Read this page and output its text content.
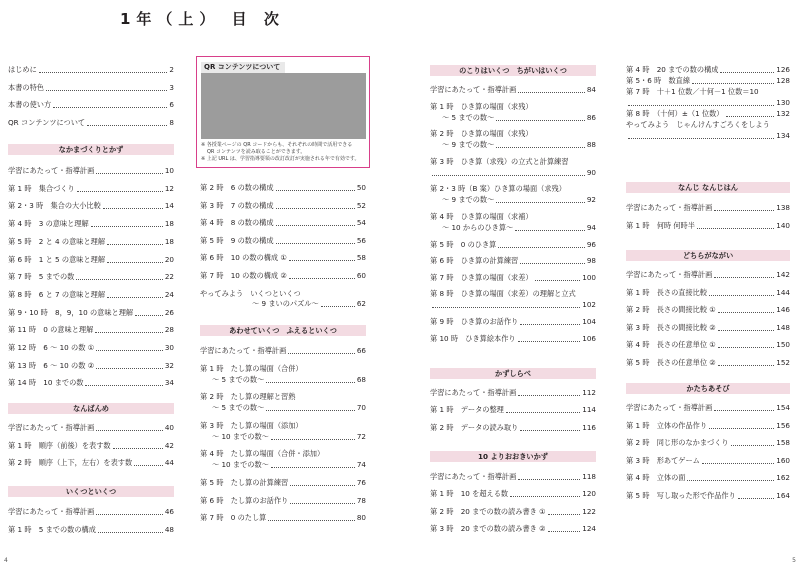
1年（上） 目 次
はじめに	2
本書の特色	3
本書の使い方	6
QR コンテンツについて	8
なかまづくりとかず
学習にあたって・指導計画	10
第 1 時　集合づくり	12
第 2・3 時　集合の大小比較	14
第 4 時　3 の意味と理解	18
第 5 時　2 と 4 の意味と理解	18
第 6 時　1 と 5 の意味と理解	20
第 7 時　5 までの数	22
第 8 時　6 と 7 の意味と理解	24
第 9・10 時　8，9，10 の意味と理解	26
第 11 時　0 の意味と理解	28
第 12 時　6 ～ 10 の数 ①	30
第 13 時　6 ～ 10 の数 ②	32
第 14 時　10 までの数	34
なんばんめ
学習にあたって・指導計画	40
第 1 時　順序（前後）を表す数	42
第 2 時　順序（上下，左右）を表す数	44
いくつといくつ
学習にあたって・指導計画	46
第 1 時　5 までの数の構成	48
第 2 時　6 の数の構成	50
第 3 時　7 の数の構成	52
第 4 時　8 の数の構成	54
第 5 時　9 の数の構成	56
第 6 時　10 の数の構成 ①	58
第 7 時　10 の数の構成 ②	60
やってみよう　いくつといくつ
～ 9 まいのパズル～	62
あわせていくつ　ふえるといくつ
学習にあたって・指導計画	66
第 1 時　たし算の場面（合併）
～ 5 までの数～	68
第 2 時　たし算の理解と習熟
～ 5 までの数～	70
第 3 時　たし算の場面（添加）
～ 10 までの数～	72
第 4 時　たし算の場面（合併・添加）
～ 10 までの数～	74
第 5 時　たし算の計算練習	76
第 6 時　たし算のお話作り	78
第 7 時　0 のたし算	80
のこりはいくつ　ちがいはいくつ
学習にあたって・指導計画	84
第 1 時　ひき算の場面（求残）
～ 5 までの数～	86
第 2 時　ひき算の場面（求残）
～ 9 までの数～	88
第 3 時　ひき算（求残）の立式と計算練習
90
第 2・3 時（B 案）ひき算の場面（求残）
～ 9 までの数～	92
第 4 時　ひき算の場面（求補）
～ 10 からのひき算～	94
第 5 時　0 のひき算	96
第 6 時　ひき算の計算練習	98
第 7 時　ひき算の場面（求差）	100
第 8 時　ひき算の場面（求差）の理解と立式
102
第 9 時　ひき算のお話作り	104
第 10 時　ひき算絵本作り	106
かずしらべ
学習にあたって・指導計画	112
第 1 時　データの整理	114
第 2 時　データの読み取り	116
10 よりおおきいかず
学習にあたって・指導計画	118
第 1 時　10 を超える数	120
第 2 時　20 までの数の読み書き ①	122
第 3 時　20 までの数の読み書き ②	124
第 4 時　20 までの数の構成	126
第 5・6 時　数直線	128
第 7 時　十＋1 位数／十何－1 位数＝10
130
第 8 時　（十何）±（1 位数）	132
やってみよう　じゃんけんすごろくをしよう
134
なんじ なんじはん
学習にあたって・指導計画	138
第 1 時　何時 何時半	140
どちらがながい
学習にあたって・指導計画	142
第 1 時　長さの直接比較	144
第 2 時　長さの間接比較 ①	146
第 3 時　長さの間接比較 ②	148
第 4 時　長さの任意単位 ①	150
第 5 時　長さの任意単位 ②	152
かたちあそび
学習にあたって・指導計画	154
第 1 時　立体の作品作り	156
第 2 時　同じ形のなかまづくり	158
第 3 時　形あてゲーム	160
第 4 時　立体の面	162
第 5 時　写し取った形で作品作り	164
QR コンテンツについて
※ 各授業ページの QR コードからも、それぞれの時間で活用できる
QR コンテンツを読み取ることができます。
※ 上記 URL は、学習指導要領の改訂改訂が実施される年で有効です。
4	5
